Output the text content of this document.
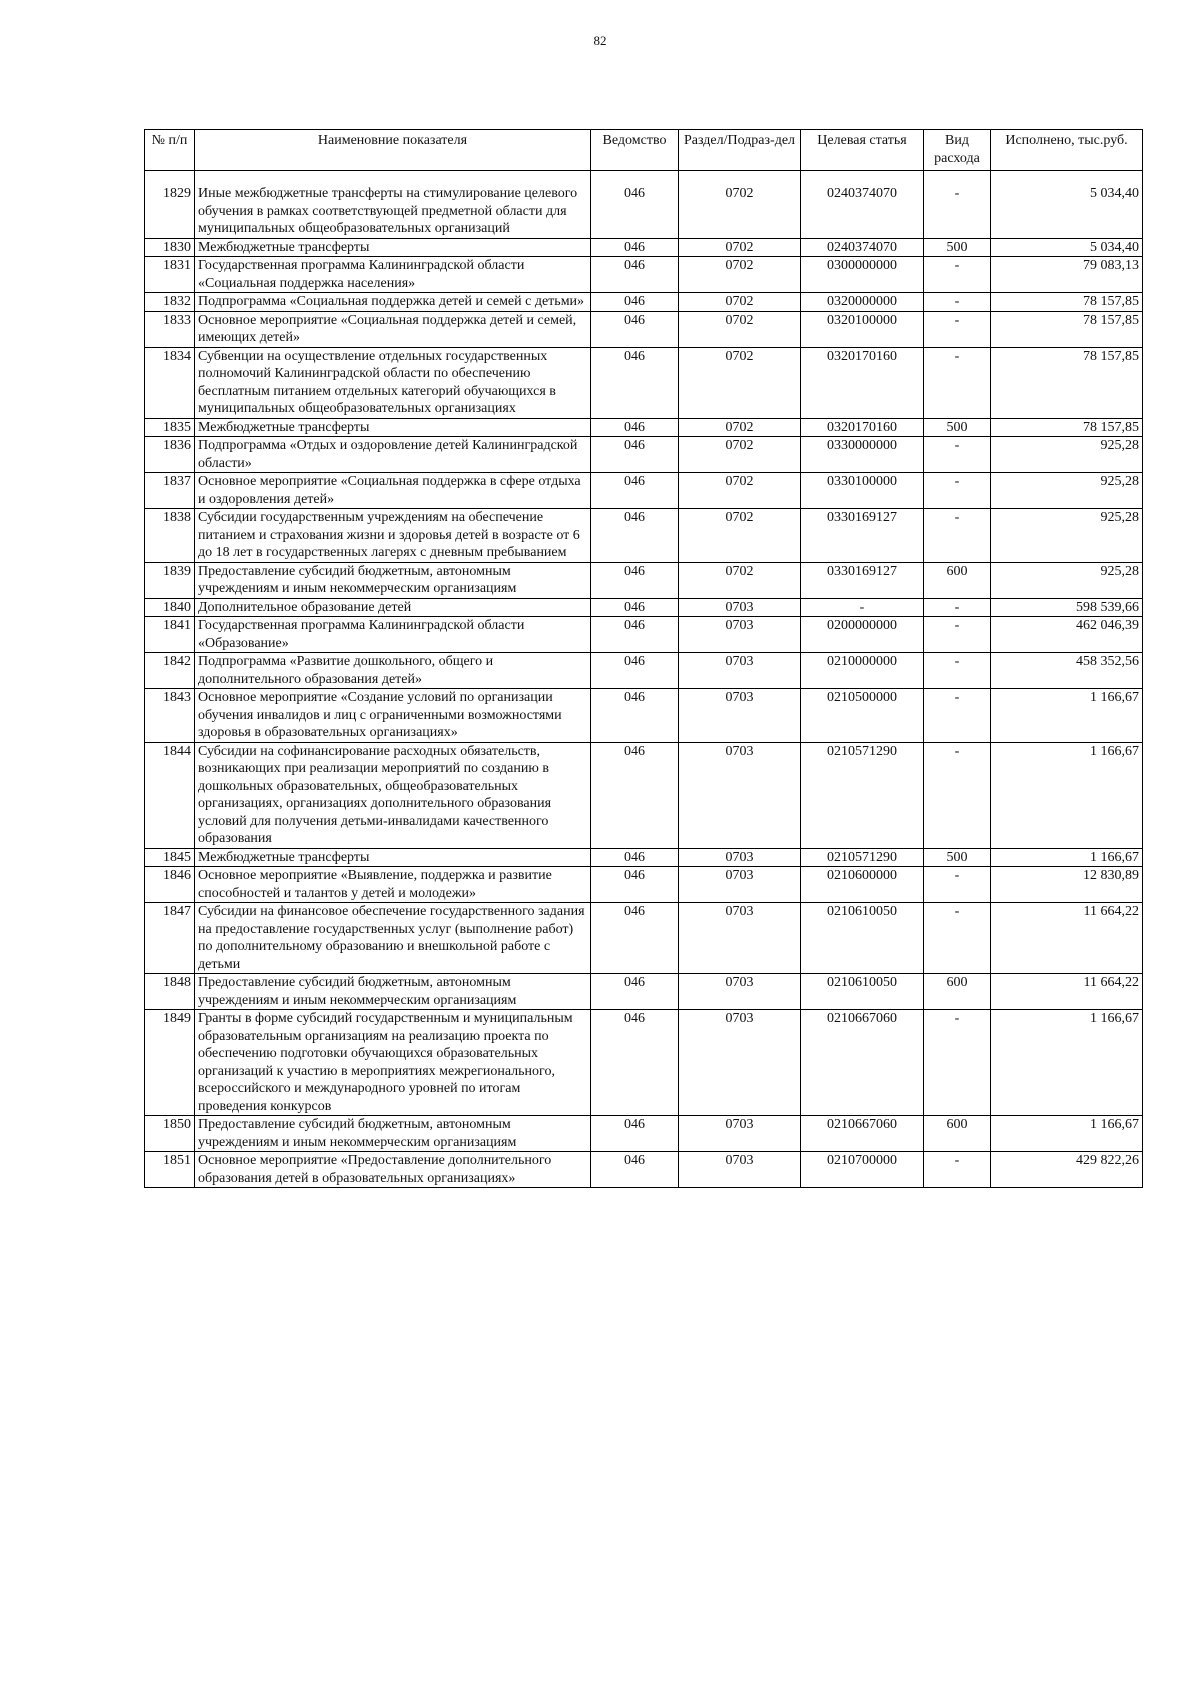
82
№ п/п	Наименовние показателя	Ведомство	Раздел/Подраз-дел	Целевая статья	Вид расхода	Исполнено, тыс.руб.
1829	Иные межбюджетные трансферты на стимулирование целевого обучения в рамках соответствующей предметной области для муниципальных общеобразовательных организаций	046	0702	0240374070	-	5 034,40
1830	Межбюджетные трансферты	046	0702	0240374070	500	5 034,40
1831	Государственная программа Калининградской области «Социальная поддержка населения»	046	0702	0300000000	-	79 083,13
1832	Подпрограмма «Социальная поддержка детей и семей с детьми»	046	0702	0320000000	-	78 157,85
1833	Основное мероприятие «Социальная поддержка детей и семей, имеющих детей»	046	0702	0320100000	-	78 157,85
1834	Субвенции на осуществление отдельных государственных полномочий Калининградской области по обеспечению бесплатным питанием отдельных категорий обучающихся в муниципальных общеобразовательных организациях	046	0702	0320170160	-	78 157,85
1835	Межбюджетные трансферты	046	0702	0320170160	500	78 157,85
1836	Подпрограмма «Отдых и оздоровление детей Калининградской области»	046	0702	0330000000	-	925,28
1837	Основное мероприятие «Социальная поддержка в сфере отдыха и оздоровления детей»	046	0702	0330100000	-	925,28
1838	Субсидии государственным учреждениям на обеспечение питанием и страхования жизни и здоровья детей в возрасте от 6 до 18 лет в государственных лагерях с дневным пребыванием	046	0702	0330169127	-	925,28
1839	Предоставление субсидий бюджетным, автономным учреждениям и иным некоммерческим организациям	046	0702	0330169127	600	925,28
1840	Дополнительное образование детей	046	0703	-	-	598 539,66
1841	Государственная программа Калининградской области «Образование»	046	0703	0200000000	-	462 046,39
1842	Подпрограмма «Развитие дошкольного, общего и дополнительного образования детей»	046	0703	0210000000	-	458 352,56
1843	Основное мероприятие «Создание условий по организации обучения инвалидов и лиц с ограниченными возможностями здоровья в образовательных организациях»	046	0703	0210500000	-	1 166,67
1844	Субсидии на софинансирование расходных обязательств, возникающих при реализации мероприятий по созданию в дошкольных образовательных, общеобразовательных организациях, организациях дополнительного образования условий для получения детьми-инвалидами качественного образования	046	0703	0210571290	-	1 166,67
1845	Межбюджетные трансферты	046	0703	0210571290	500	1 166,67
1846	Основное мероприятие «Выявление, поддержка и развитие способностей и талантов у детей и молодежи»	046	0703	0210600000	-	12 830,89
1847	Субсидии на финансовое обеспечение государственного задания на предоставление государственных услуг (выполнение работ) по дополнительному образованию и внешкольной работе с детьми	046	0703	0210610050	-	11 664,22
1848	Предоставление субсидий бюджетным, автономным учреждениям и иным некоммерческим организациям	046	0703	0210610050	600	11 664,22
1849	Гранты в форме субсидий государственным и муниципальным образовательным организациям на реализацию проекта по обеспечению подготовки обучающихся образовательных организаций к участию в мероприятиях межрегионального, всероссийского и международного уровней по итогам проведения конкурсов	046	0703	0210667060	-	1 166,67
1850	Предоставление субсидий бюджетным, автономным учреждениям и иным некоммерческим организациям	046	0703	0210667060	600	1 166,67
1851	Основное мероприятие «Предоставление дополнительного образования детей в образовательных организациях»	046	0703	0210700000	-	429 822,26
